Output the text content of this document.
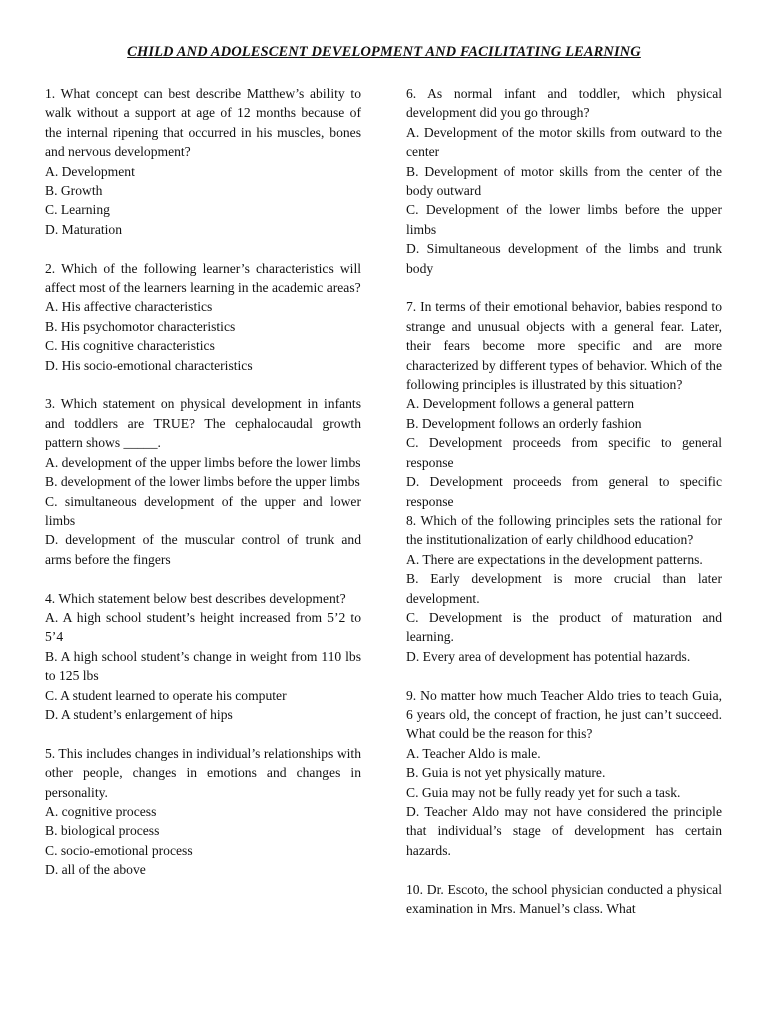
CHILD AND ADOLESCENT DEVELOPMENT AND FACILITATING LEARNING
1. What concept can best describe Matthew’s ability to walk without a support at age of 12 months because of the internal ripening that occurred in his muscles, bones and nervous development?
A. Development
B. Growth
C. Learning
D. Maturation
2. Which of the following learner’s characteristics will affect most of the learners learning in the academic areas?
A. His affective characteristics
B. His psychomotor characteristics
C. His cognitive characteristics
D. His socio-emotional characteristics
3. Which statement on physical development in infants and toddlers are TRUE? The cephalocaudal growth pattern shows _____.
A. development of the upper limbs before the lower limbs
B. development of the lower limbs before the upper limbs
C. simultaneous development of the upper and lower limbs
D. development of the muscular control of trunk and arms before the fingers
4. Which statement below best describes development?
A. A high school student’s height increased from 5’2 to 5’4
B. A high school student’s change in weight from 110 lbs to 125 lbs
C. A student learned to operate his computer
D. A student’s enlargement of hips
5. This includes changes in individual’s relationships with other people, changes in emotions and changes in personality.
A. cognitive process
B. biological process
C. socio-emotional process
D. all of the above
6. As normal infant and toddler, which physical development did you go through?
A. Development of the motor skills from outward to the center
B. Development of motor skills from the center of the body outward
C. Development of the lower limbs before the upper limbs
D. Simultaneous development of the limbs and trunk body
7. In terms of their emotional behavior, babies respond to strange and unusual objects with a general fear. Later, their fears become more specific and are more characterized by different types of behavior. Which of the following principles is illustrated by this situation?
A. Development follows a general pattern
B. Development follows an orderly fashion
C. Development proceeds from specific to general response
D. Development proceeds from general to specific response
8. Which of the following principles sets the rational for the institutionalization of early childhood education?
A. There are expectations in the development patterns.
B. Early development is more crucial than later development.
C. Development is the product of maturation and learning.
D. Every area of development has potential hazards.
9. No matter how much Teacher Aldo tries to teach Guia, 6 years old, the concept of fraction, he just can’t succeed. What could be the reason for this?
A. Teacher Aldo is male.
B. Guia is not yet physically mature.
C. Guia may not be fully ready yet for such a task.
D. Teacher Aldo may not have considered the principle that individual’s stage of development has certain hazards.
10. Dr. Escoto, the school physician conducted a physical examination in Mrs. Manuel’s class. What
